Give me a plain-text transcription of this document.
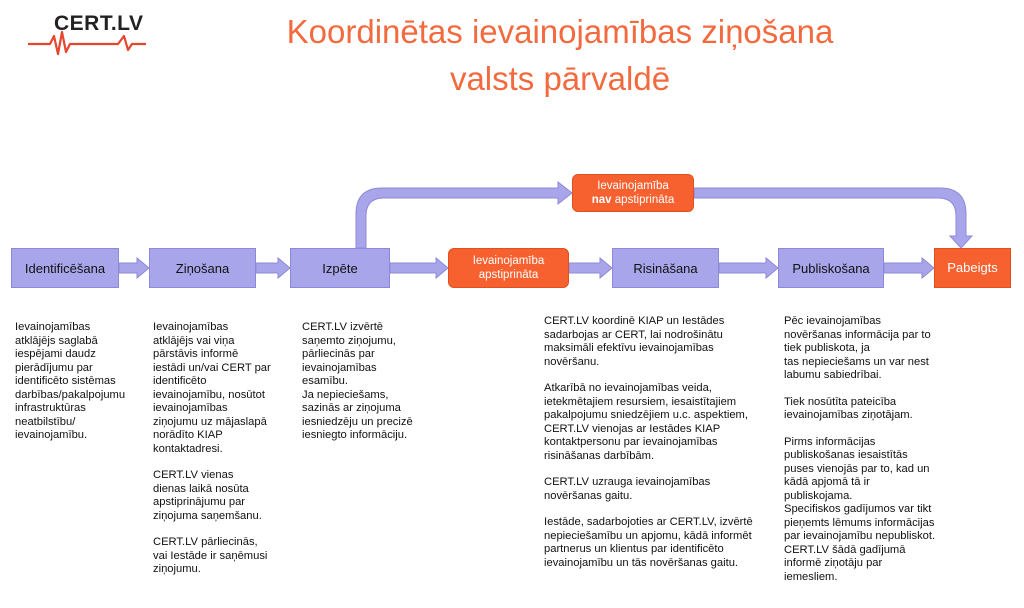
CERT.LV	Koordinētas ievainojamības ziņošana
valsts pārvaldē
Identificēšana	Ziņošana	Izpēte	Ievainojamība
apstiprināta	Risināšana	Publiskošana	Pabeigts
Ievainojamība
nav apstiprināta

Ievainojamības
atklājējs saglabā
iespējami daudz
pierādījumu par
identificēto sistēmas
darbības/pakalpojumu
infrastruktūras
neatbilstību/
ievainojamību.

Ievainojamības
atklājējs vai viņa
pārstāvis informē
iestādi un/vai CERT par
identificēto
ievainojamību, nosūtot
ievainojamības
ziņojumu uz mājaslapā
norādīto KIAP
kontaktadresi.

CERT.LV vienas
dienas laikā nosūta
apstiprinājumu par
ziņojuma saņemšanu.

CERT.LV pārliecinās,
vai Iestāde ir saņēmusi
ziņojumu.

CERT.LV izvērtē
saņemto ziņojumu,
pārliecinās par
ievainojamības
esamību.
Ja nepieciešams,
sazinās ar ziņojuma
iesniedzēju un precizē
iesniegto informāciju.

CERT.LV koordinē KIAP un Iestādes
sadarbojas ar CERT, lai nodrošinātu
maksimāli efektīvu ievainojamības
novēršanu.

Atkarībā no ievainojamības veida,
ietekmētajiem resursiem, iesaistītajiem
pakalpojumu sniedzējiem u.c. aspektiem,
CERT.LV vienojas ar Iestādes KIAP
kontaktpersonu par ievainojamības
risināšanas darbībām.

CERT.LV uzrauga ievainojamības
novēršanas gaitu.

Iestāde, sadarbojoties ar CERT.LV, izvērtē
nepieciešamību un apjomu, kādā informēt
partnerus un klientus par identificēto
ievainojamību un tās novēršanas gaitu.

Pēc ievainojamības
novēršanas informācija par to
tiek publiskota, ja
tas nepieciešams un var nest
labumu sabiedrībai.

Tiek nosūtīta pateicība
ievainojamības ziņotājam.

Pirms informācijas
publiskošanas iesaistītās
puses vienojās par to, kad un
kādā apjomā tā ir
publiskojama.
Specifiskos gadījumos var tikt
pieņemts lēmums informācijas
par ievainojamību nepubliskot.
CERT.LV šādā gadījumā
informē ziņotāju par
iemesliem.
